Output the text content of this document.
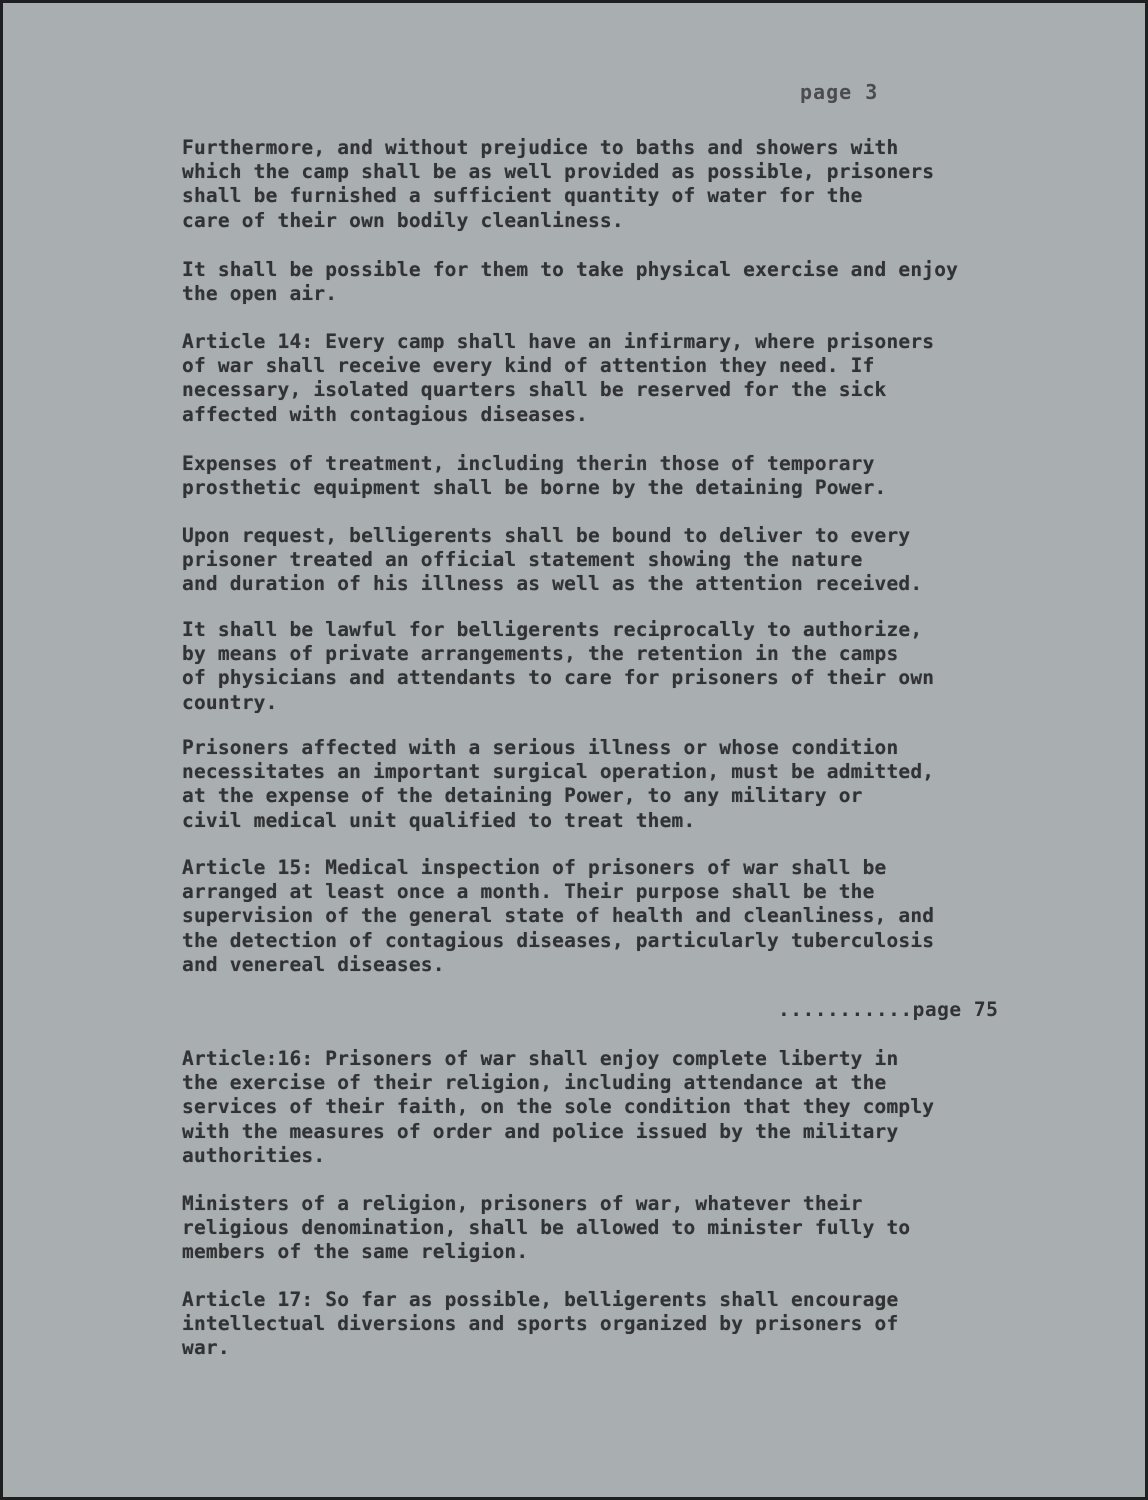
page 3

Furthermore, and without prejudice to baths and showers with
which the camp shall be as well provided as possible, prisoners
shall be furnished a sufficient quantity of water for the
care of their own bodily cleanliness.

It shall be possible for them to take physical exercise and enjoy
the open air.

Article 14: Every camp shall have an infirmary, where prisoners
of war shall receive every kind of attention they need. If
necessary, isolated quarters shall be reserved for the sick
affected with contagious diseases.

Expenses of treatment, including therin those of temporary
prosthetic equipment shall be borne by the detaining Power.

Upon request, belligerents shall be bound to deliver to every
prisoner treated an official statement showing the nature
and duration of his illness as well as the attention received.

It shall be lawful for belligerents reciprocally to authorize,
by means of private arrangements, the retention in the camps
of physicians and attendants to care for prisoners of their own
country.

Prisoners affected with a serious illness or whose condition
necessitates an important surgical operation, must be admitted,
at the expense of the detaining Power, to any military or
civil medical unit qualified to treat them.

Article 15: Medical inspection of prisoners of war shall be
arranged at least once a month. Their purpose shall be the
supervision of the general state of health and cleanliness, and
the detection of contagious diseases, particularly tuberculosis
and venereal diseases.

...........page 75

Article:16: Prisoners of war shall enjoy complete liberty in
the exercise of their religion, including attendance at the
services of their faith, on the sole condition that they comply
with the measures of order and police issued by the military
authorities.

Ministers of a religion, prisoners of war, whatever their
religious denomination, shall be allowed to minister fully to
members of the same religion.

Article 17: So far as possible, belligerents shall encourage
intellectual diversions and sports organized by prisoners of
war.
